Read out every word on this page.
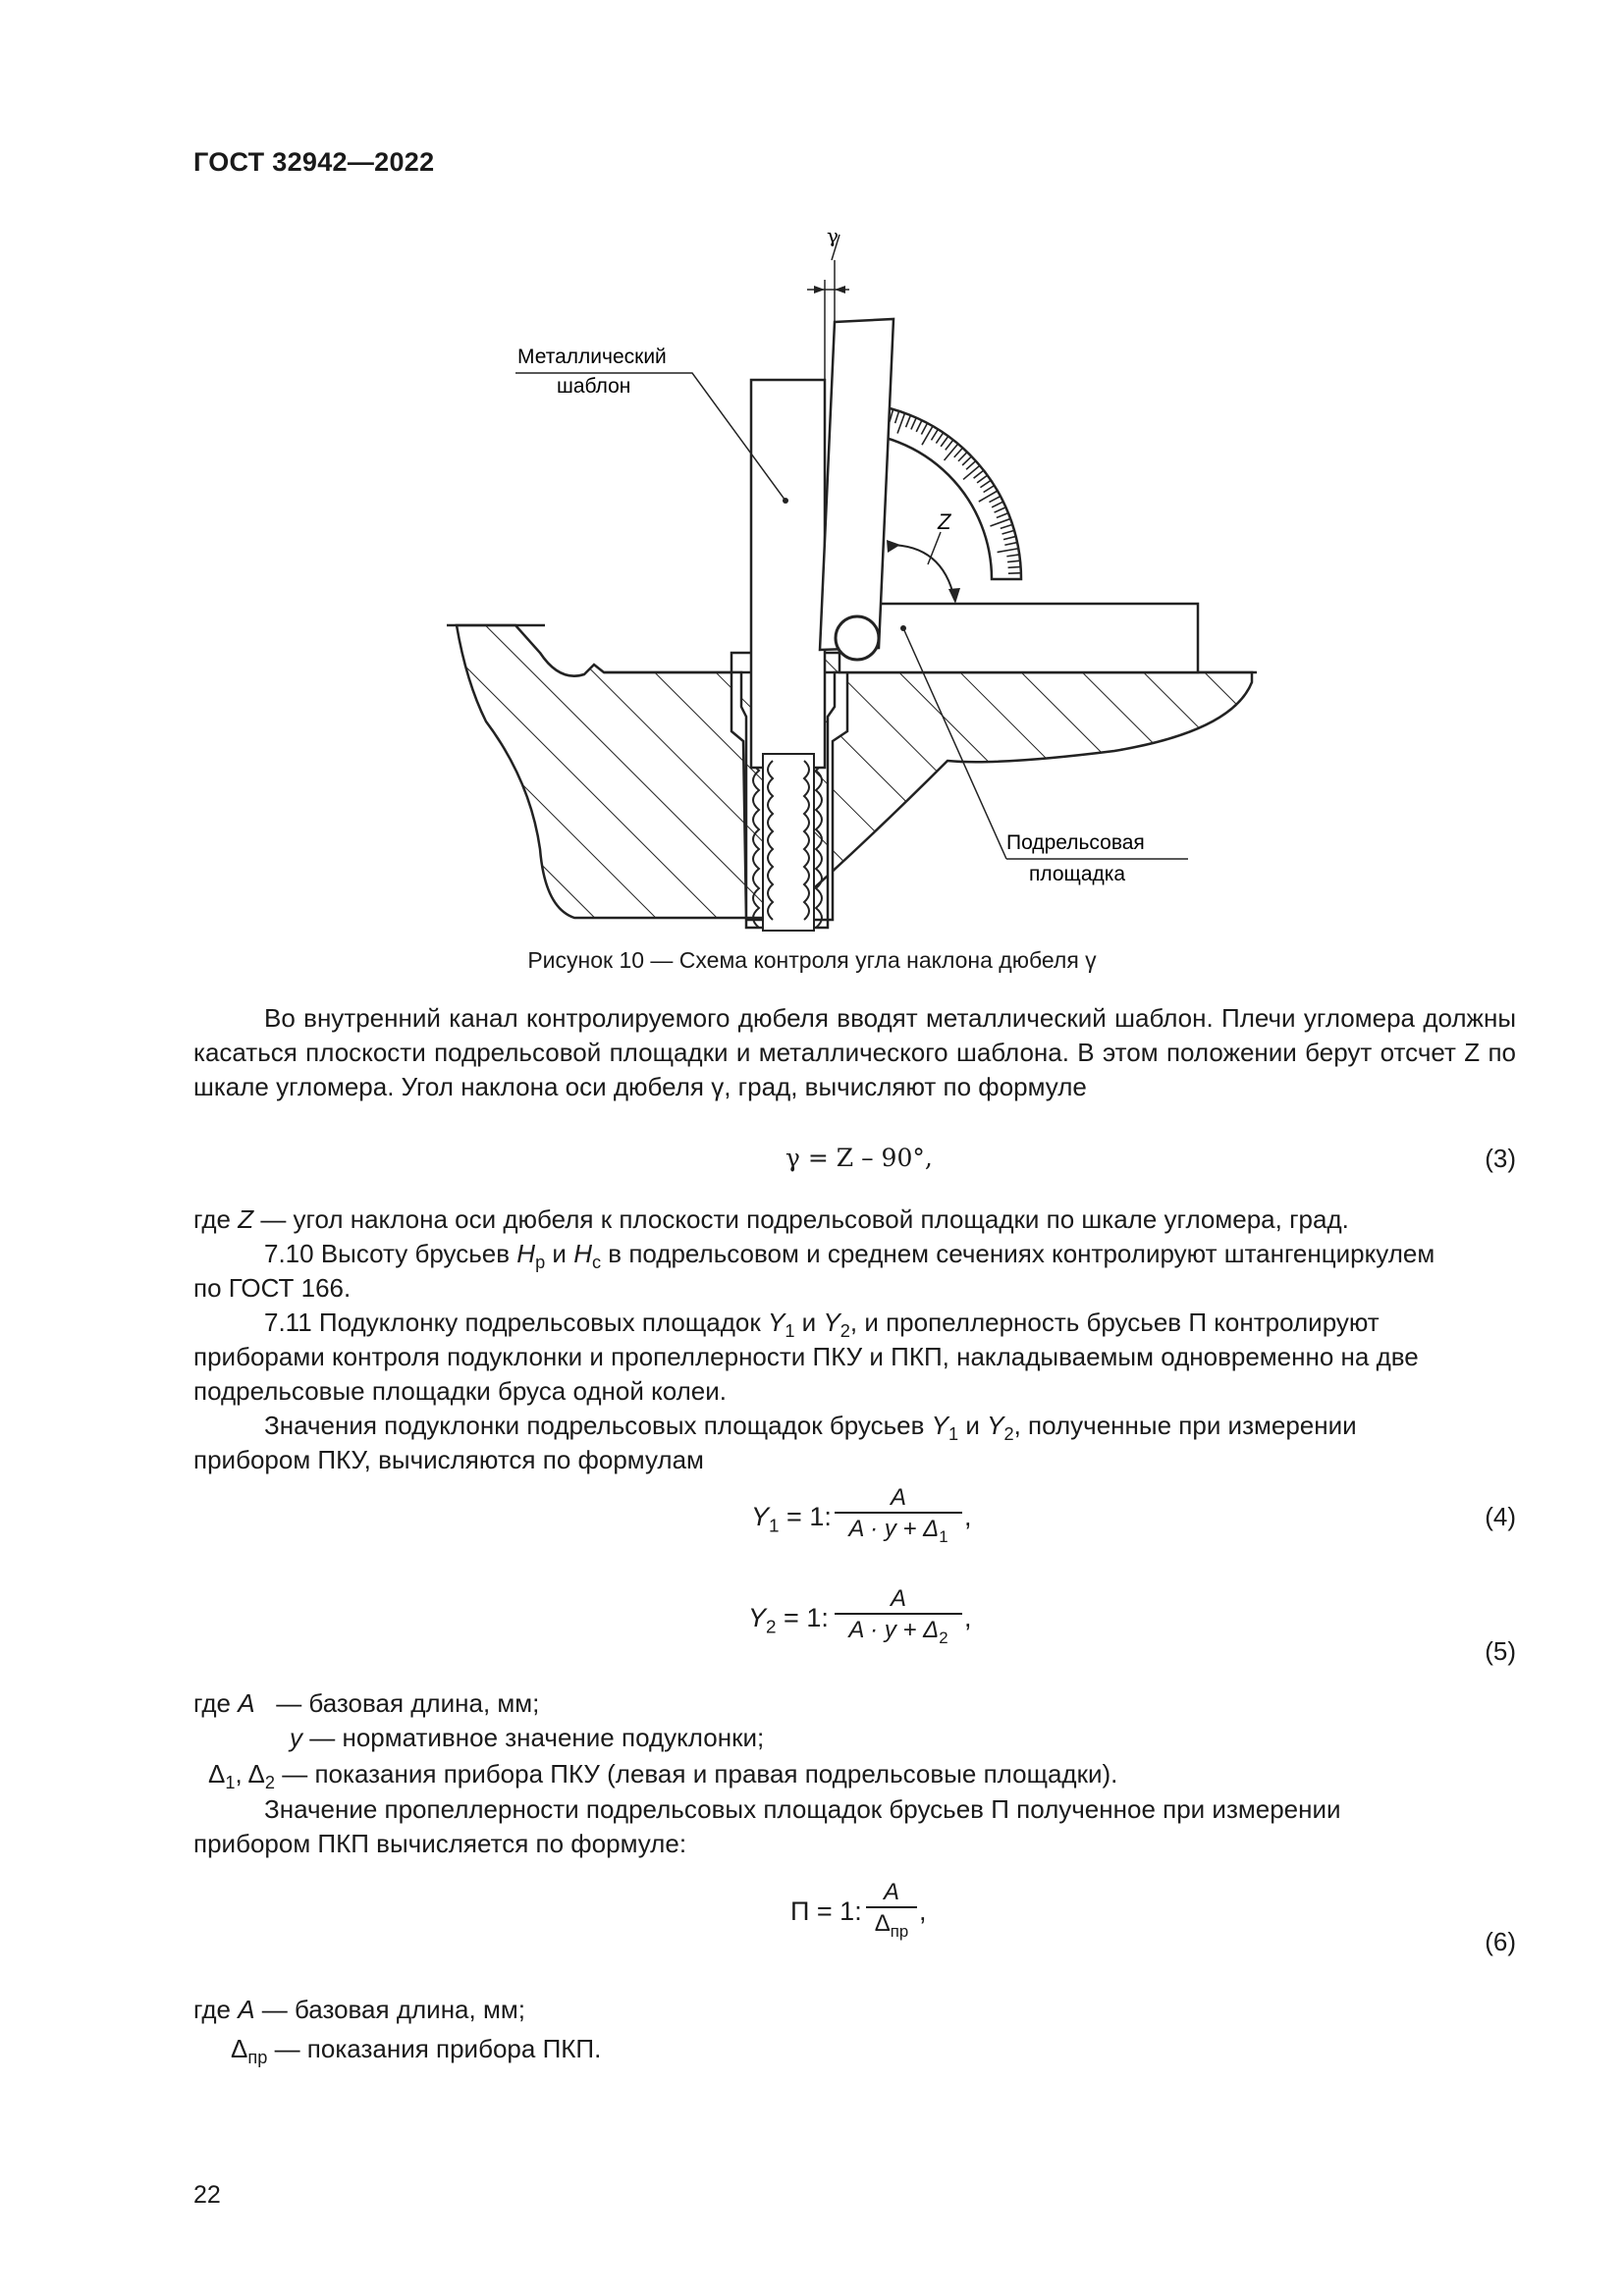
ГОСТ 32942—2022
Z
γ
Металлический
шаблон
Подрельсовая
площадка
Рисунок 10 — Схема контроля угла наклона дюбеля γ
Во внутренний канал контролируемого дюбеля вводят металлический шаблон. Плечи угломера должны касаться плоскости подрельсовой площадки и металлического шаблона. В этом положении берут отсчет Z по шкале угломера. Угол наклона оси дюбеля γ, град, вычисляют по формуле
γ = Z – 90°,	(3)
где Z — угол наклона оси дюбеля к плоскости подрельсовой площадки по шкале угломера, град.
7.10 Высоту брусьев $H_р$ и $H_с$ в подрельсовом и среднем сечениях контролируют штангенциркулем
по ГОСТ 166.
7.11 Подуклонку подрельсовых площадок $Y_1$ и $Y_2$, и пропеллерность брусьев П контролируют
приборами контроля подуклонки и пропеллерности ПКУ и ПКП, накладываемым одновременно на две
подрельсовые площадки бруса одной колеи.
Значения подуклонки подрельсовых площадок брусьев $Y_1$ и $Y_2$, полученные при измерении
прибором ПКУ, вычисляются по формулам
$Y_1 = 1$: $\frac{A}{A \cdot y + \Delta_1}$ ,	(4)
$Y_2 = 1$: $\frac{A}{A \cdot y + \Delta_2}$ ,
(5)
где A — базовая длина, мм;
y — нормативное значение подуклонки;
$\Delta_1$, $\Delta_2$ — показания прибора ПКУ (левая и правая подрельсовые площадки).
Значение пропеллерности подрельсовых площадок брусьев П полученное при измерении
прибором ПКП вычисляется по формуле:
П = 1:
A
$\Delta_{пр}$
,
(6)
где A — базовая длина, мм;
$\Delta_{пр}$ — показания прибора ПКП.
22
